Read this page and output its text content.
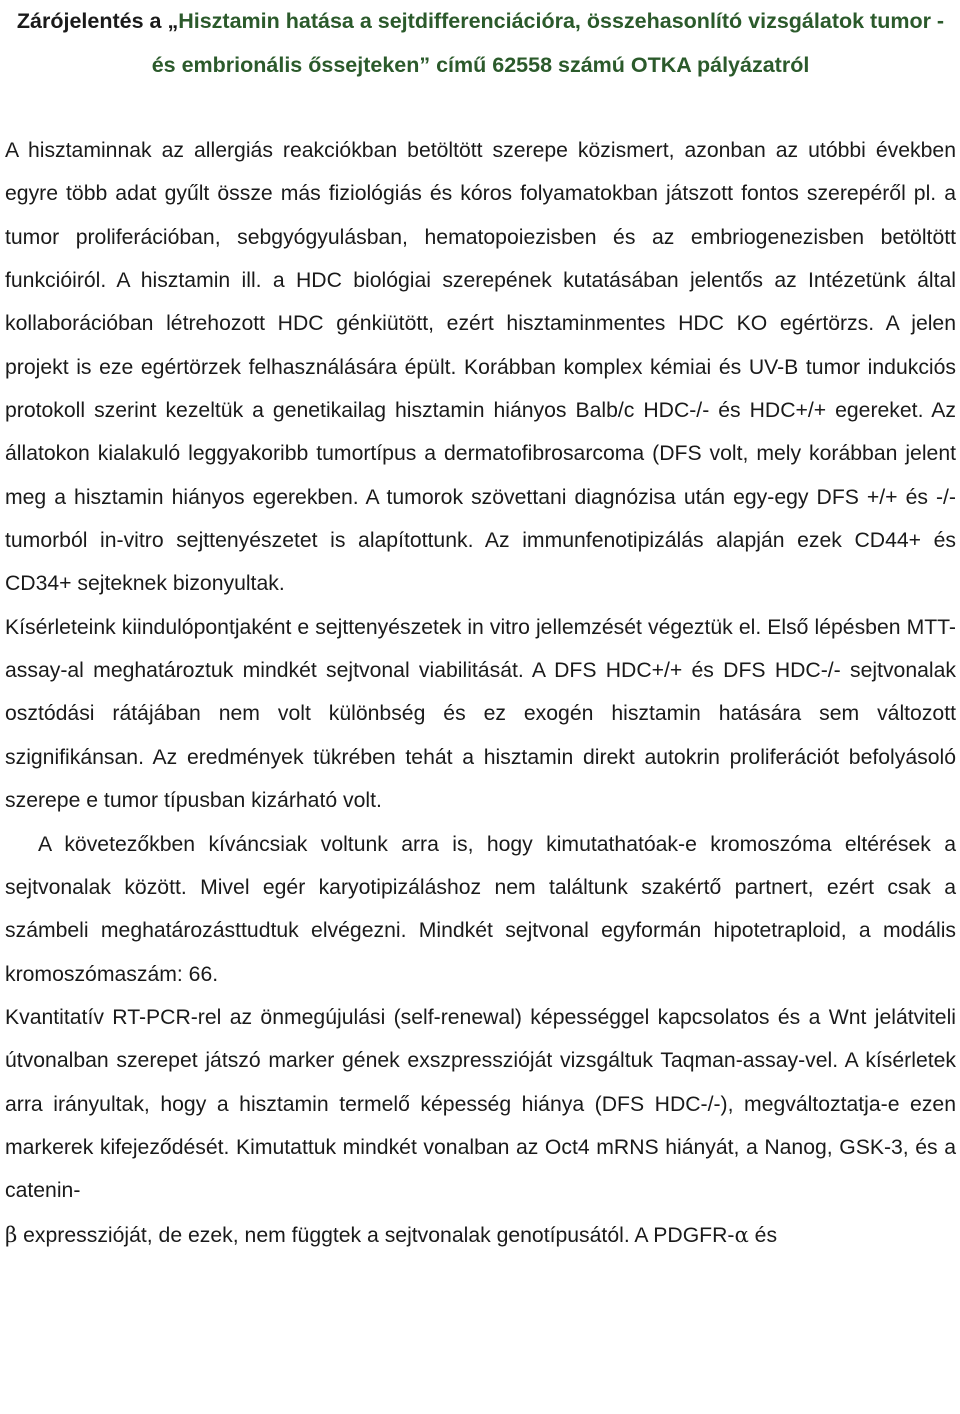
Zárójelentés a „Hisztamin hatása a sejtdifferenciációra, összehasonlító vizsgálatok tumor - és embrionális őssejteken” című 62558 számú OTKA pályázatról

A hisztaminnak az allergiás reakciókban betöltött szerepe közismert, azonban az utóbbi években egyre több adat gyűlt össze más fiziológiás és kóros folyamatokban játszott fontos szerepéről pl. a tumor proliferációban, sebgyógyulásban, hematopoiezisben és az embriogenezisben betöltött funkcióiról. A hisztamin ill. a HDC biológiai szerepének kutatásában jelentős az Intézetünk által kollaborációban létrehozott HDC génkiütött, ezért hisztaminmentes HDC KO egértörzs. A jelen projekt is eze egértörzek felhasználására épült. Korábban komplex kémiai és UV-B tumor indukciós protokoll szerint kezeltük a genetikailag hisztamin hiányos Balb/c HDC-/- és HDC+/+ egereket. Az állatokon kialakuló leggyakoribb tumortípus a dermatofibrosarcoma (DFS volt, mely korábban jelent meg a hisztamin hiányos egerekben. A tumorok szövettani diagnózisa után egy-egy DFS +/+ és -/- tumorból in-vitro sejttenyészetet is alapítottunk. Az immunfenotipizálás alapján ezek CD44+ és CD34+ sejteknek bizonyultak.

Kísérleteink kiindulópontjaként e sejttenyészetek in vitro jellemzését végeztük el. Első lépésben MTT-assay-al meghatároztuk mindkét sejtvonal viabilitását. A DFS HDC+/+ és DFS HDC-/- sejtvonalak osztódási rátájában nem volt különbség és ez exogén hisztamin hatására sem változott szignifikánsan. Az eredmények tükrében tehát a hisztamin direkt autokrin proliferációt befolyásoló szerepe e tumor típusban kizárható volt.

A követezőkben kíváncsiak voltunk arra is, hogy kimutathatóak-e kromoszóma eltérések a sejtvonalak között. Mivel egér karyotipizáláshoz nem találtunk szakértő partnert, ezért csak a számbeli meghatározásttudtuk elvégezni. Mindkét sejtvonal egyformán hipotetraploid, a modális kromoszómaszám: 66.

Kvantitatív RT-PCR-rel az önmegújulási (self-renewal) képességgel kapcsolatos és a Wnt jelátviteli útvonalban szerepet játszó marker gének exszpresszióját vizsgáltuk Taqman-assay-vel. A kísérletek arra irányultak, hogy a hisztamin termelő képesség hiánya (DFS HDC-/-), megváltoztatja-e ezen markerek kifejeződését. Kimutattuk mindkét vonalban az Oct4 mRNS hiányát, a Nanog, GSK-3, és a catenin-

β expresszióját, de ezek, nem függtek a sejtvonalak genotípusától. A PDGFR-α és
